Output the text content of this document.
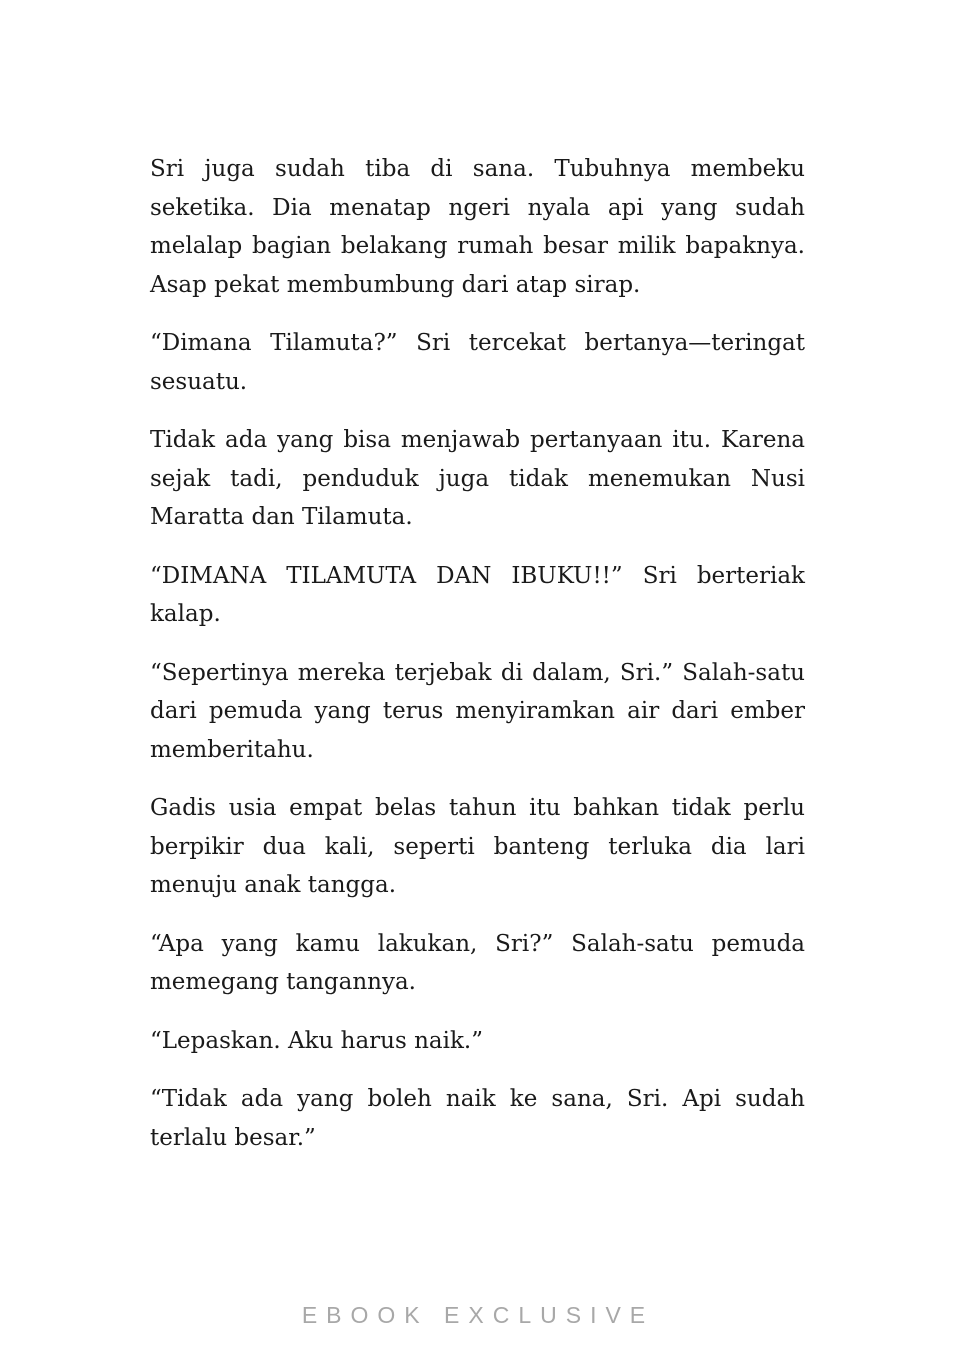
Sri juga sudah tiba di sana. Tubuhnya membeku seketika. Dia menatap ngeri nyala api yang sudah melalap bagian belakang rumah besar milik bapaknya. Asap pekat membumbung dari atap sirap.

“Dimana Tilamuta?” Sri tercekat bertanya—teringat sesuatu.

Tidak ada yang bisa menjawab pertanyaan itu. Karena sejak tadi, penduduk juga tidak menemukan Nusi Maratta dan Tilamuta.

“DIMANA TILAMUTA DAN IBUKU!!” Sri berteriak kalap.

“Sepertinya mereka terjebak di dalam, Sri.” Salah-satu dari pemuda yang terus menyiramkan air dari ember memberitahu.

Gadis usia empat belas tahun itu bahkan tidak perlu berpikir dua kali, seperti banteng terluka dia lari menuju anak tangga.

“Apa yang kamu lakukan, Sri?” Salah-satu pemuda memegang tangannya.

“Lepaskan. Aku harus naik.”

“Tidak ada yang boleh naik ke sana, Sri. Api sudah terlalu besar.”

EBOOK EXCLUSIVE
